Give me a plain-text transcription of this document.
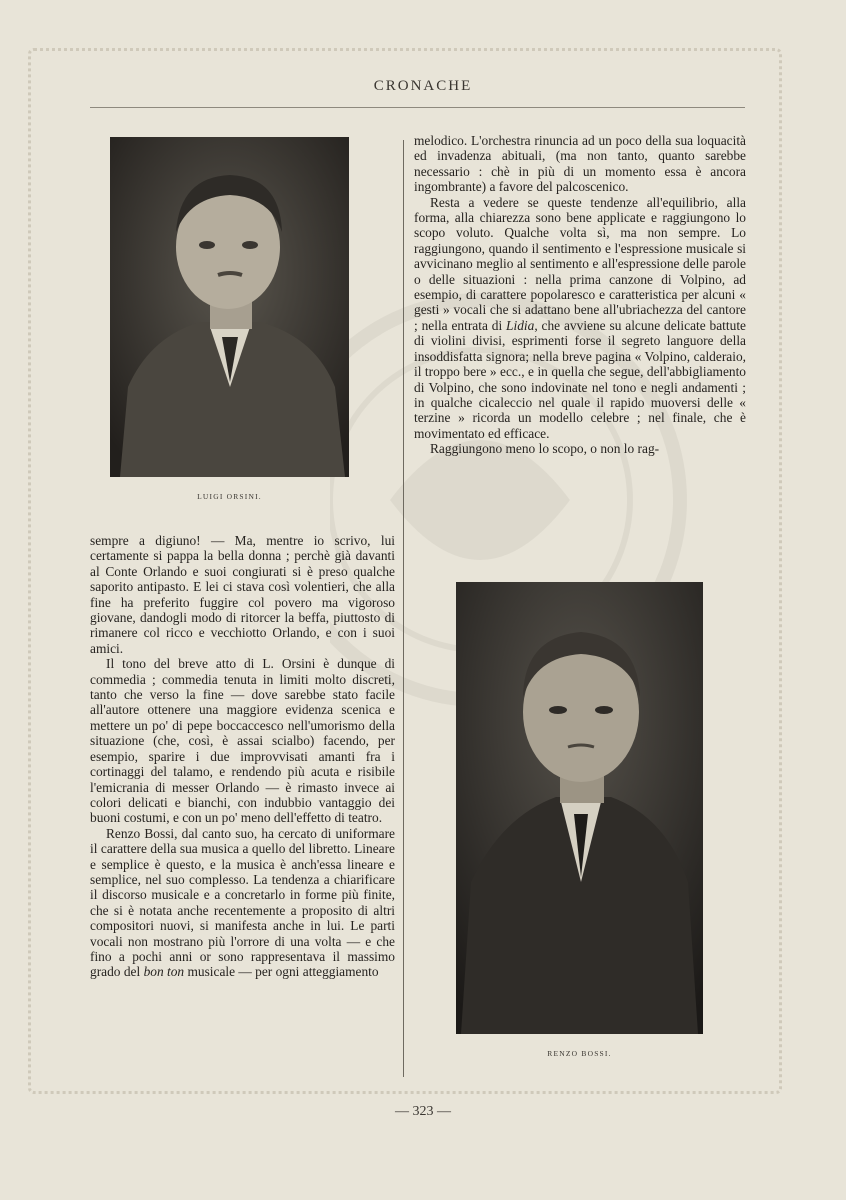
CRONACHE
LUIGI ORSINI.
RENZO BOSSI.

sempre a digiuno! — Ma, mentre io scrivo, lui certamente si pappa la bella donna ; perchè già davanti al Conte Orlando e suoi congiurati si è preso qualche saporito antipasto. E lei ci stava così volentieri, che alla fine ha preferito fuggire col povero ma vigoroso giovane, dandogli modo di ritorcer la beffa, piuttosto di rimanere col ricco e vecchiotto Orlando, e con i suoi amici.

Il tono del breve atto di L. Orsini è dunque di commedia ; commedia tenuta in limiti molto discreti, tanto che verso la fine — dove sarebbe stato facile all'autore ottenere una maggiore evidenza scenica e mettere un po' di pepe boccaccesco nell'umorismo della situazione (che, così, è assai scialbo) facendo, per esempio, sparire i due improvvisati amanti fra i cortinaggi del talamo, e rendendo più acuta e risibile l'emicrania di messer Orlando — è rimasto invece ai colori delicati e bianchi, con indubbio vantaggio dei buoni costumi, e con un po' meno dell'effetto di teatro.

Renzo Bossi, dal canto suo, ha cercato di uniformare il carattere della sua musica a quello del libretto. Lineare e semplice è questo, e la musica è anch'essa lineare e semplice, nel suo complesso. La tendenza a chiarificare il discorso musicale e a concretarlo in forme più finite, che si è notata anche recentemente a proposito di altri compositori nuovi, si manifesta anche in lui. Le parti vocali non mostrano più l'orrore di una volta — e che fino a pochi anni or sono rappresentava il massimo grado del bon ton musicale — per ogni atteggiamento

melodico. L'orchestra rinuncia ad un poco della sua loquacità ed invadenza abituali, (ma non tanto, quanto sarebbe necessario : chè in più di un momento essa è ancora ingombrante) a favore del palcoscenico.

Resta a vedere se queste tendenze all'equilibrio, alla forma, alla chiarezza sono bene applicate e raggiungono lo scopo voluto. Qualche volta sì, ma non sempre. Lo raggiungono, quando il sentimento e l'espressione musicale si avvicinano meglio al sentimento e all'espressione delle parole o delle situazioni : nella prima canzone di Volpino, ad esempio, di carattere popolaresco e caratteristica per alcuni « gesti » vocali che si adattano bene all'ubriachezza del cantore ; nella entrata di Lidia, che avviene su alcune delicate battute di violini divisi, esprimenti forse il segreto languore della insoddisfatta signora; nella breve pagina « Volpino, calderaio, il troppo bere » ecc., e in quella che segue, dell'abbigliamento di Volpino, che sono indovinate nel tono e negli andamenti ; in qualche cicaleccio nel quale il rapido muoversi delle « terzine » ricorda un modello celebre ; nel finale, che è movimentato ed efficace.

Raggiungono meno lo scopo, o non lo rag-

— 323 —
